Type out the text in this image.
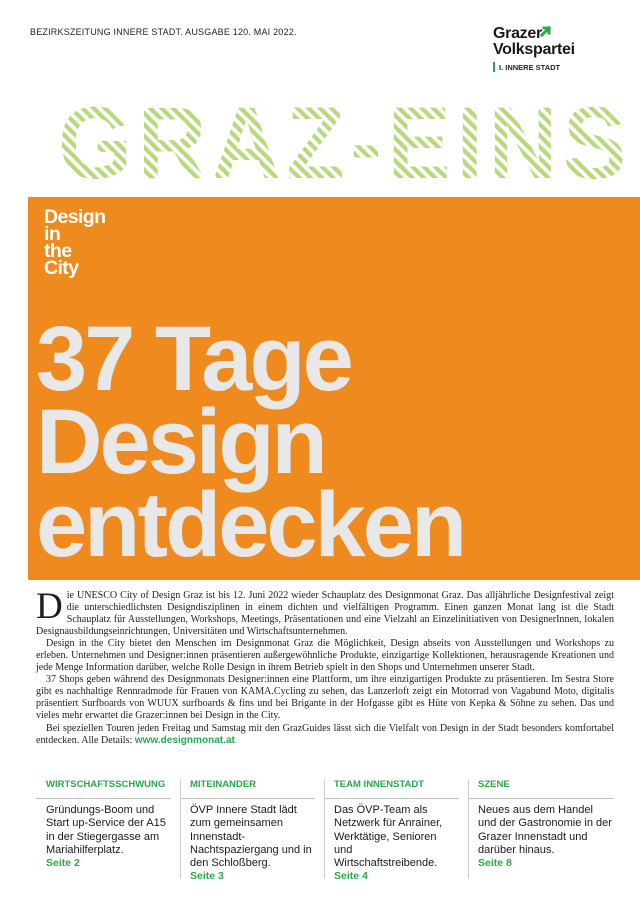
BEZIRKSZEITUNG INNERE STADT. AUSGABE 120. MAI 2022.	Grazer
Volkspartei
I. INNERE STADT
GRAZ-EINS
Design
in
the
City
37 Tage
Design
entdecken

Die UNESCO City of Design Graz ist bis 12. Juni 2022 wieder Schauplatz des Designmonat Graz. Das alljährliche Designfestival zeigt die unterschiedlichsten Designdisziplinen in einem dichten und vielfältigen Programm. Einen ganzen Monat lang ist die Stadt Schauplatz für Ausstellungen, Workshops, Meetings, Präsentationen und eine Vielzahl an Einzelinitiativen von DesignerInnen, lokalen Designausbildungseinrichtungen, Universitäten und Wirtschaftsunternehmen.

Design in the City bietet den Menschen im Designmonat Graz die Möglichkeit, Design abseits von Ausstellungen und Workshops zu erleben. Unternehmen und Designer:innen präsentieren außergewöhnliche Produkte, einzigartige Kollektionen, herausragende Kreationen und jede Menge Information darüber, welche Rolle Design in ihrem Betrieb spielt in den Shops und Unternehmen unserer Stadt.

37 Shops geben während des Designmonats Designer:innen eine Plattform, um ihre einzigartigen Produkte zu präsentieren. Im Sestra Store gibt es nachhaltige Rennradmode für Frauen von KAMA.Cycling zu sehen, das Lanzerloft zeigt ein Motorrad von Vagabund Moto, digitalis präsentiert Surfboards von WUUX surfboards & fins und bei Brigante in der Hofgasse gibt es Hüte von Kepka & Söhne zu sehen. Das und vieles mehr erwartet die Grazer:innen bei Design in the City.

Bei speziellen Touren jeden Freitag und Samstag mit den GrazGuides lässt sich die Vielfalt von Design in der Stadt besonders komfortabel entdecken. Alle Details: www.designmonat.at

WIRTSCHAFTSSCHWUNG
Gründungs-Boom und Start up-Service der A15 in der Stiegergasse am Mariahilferplatz.
Seite 2
MITEINANDER
ÖVP Innere Stadt lädt zum gemeinsamen Innenstadt-Nachtspaziergang und in den Schloßberg.
Seite 3
TEAM INNENSTADT
Das ÖVP-Team als Netzwerk für Anrainer, Werktätige, Senioren und Wirtschaftstreibende.
Seite 4
SZENE
Neues aus dem Handel und der Gastronomie in der Grazer Innenstadt und darüber hinaus.
Seite 8
